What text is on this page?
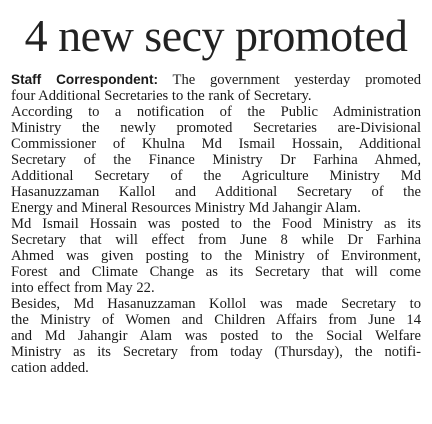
4 new secy promoted
Staff Correspondent: The government yesterday promoted
four Additional Secretaries to the rank of Secretary.
According to a notification of the Public Administration
Ministry the newly promoted Secretaries are-Divisional
Commissioner of Khulna Md Ismail Hossain, Additional
Secretary of the Finance Ministry Dr Farhina Ahmed,
Additional Secretary of the Agriculture Ministry Md
Hasanuzzaman Kallol and Additional Secretary of the
Energy and Mineral Resources Ministry Md Jahangir Alam.
Md Ismail Hossain was posted to the Food Ministry as its
Secretary that will effect from June 8 while Dr Farhina
Ahmed was given posting to the Ministry of Environment,
Forest and Climate Change as its Secretary that will come
into effect from May 22.
Besides, Md Hasanuzzaman Kollol was made Secretary to
the Ministry of Women and Children Affairs from June 14
and Md Jahangir Alam was posted to the Social Welfare
Ministry as its Secretary from today (Thursday), the notifi-
cation added.
